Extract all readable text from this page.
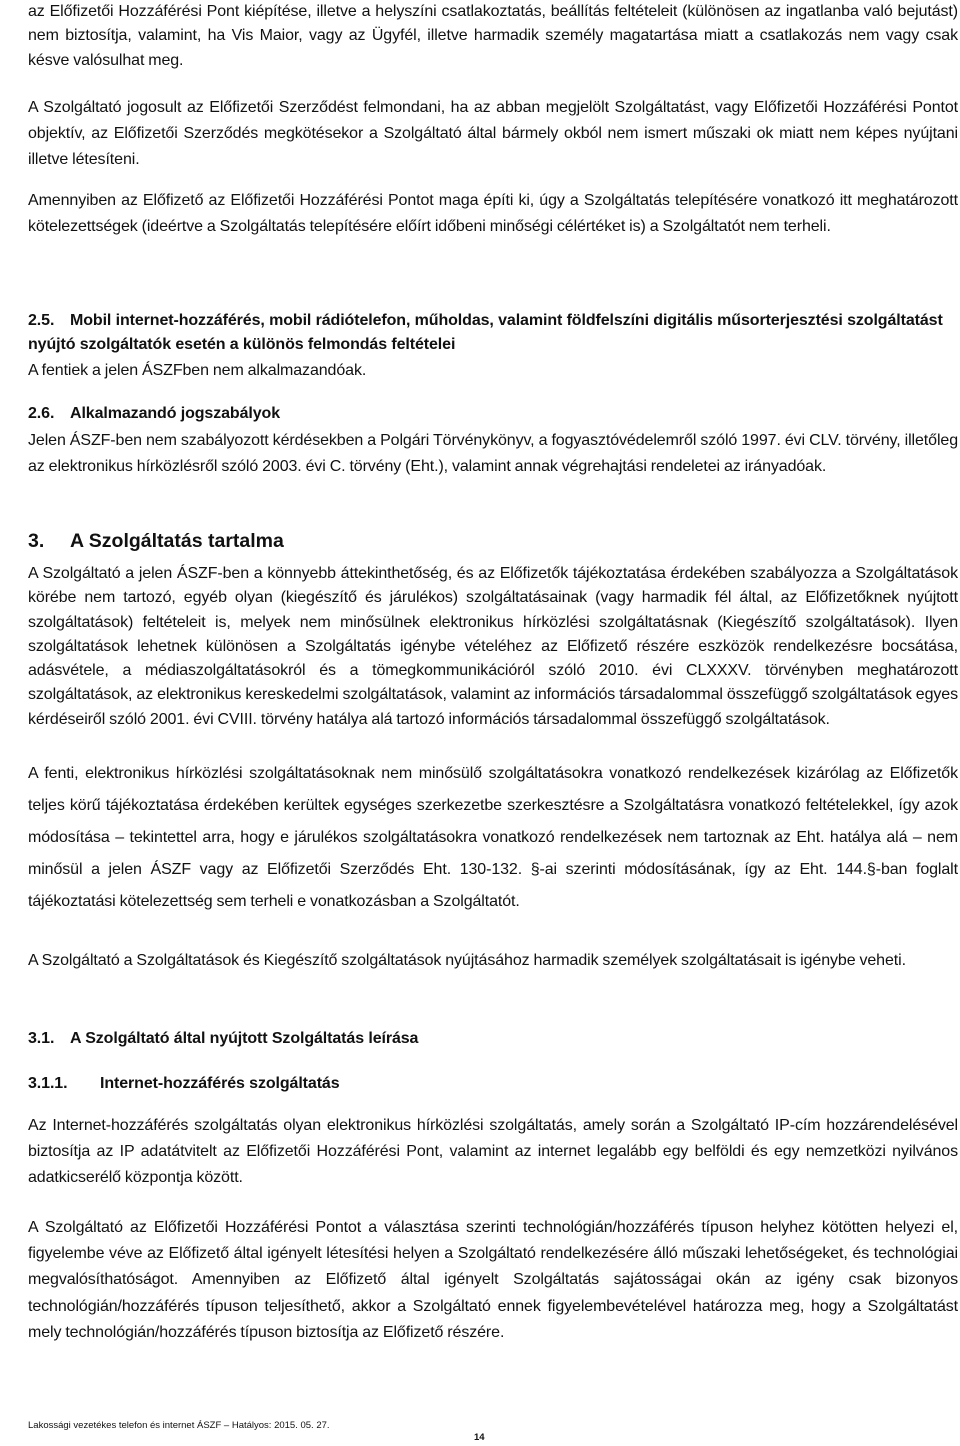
az Előfizetői Hozzáférési Pont kiépítése, illetve a helyszíni csatlakoztatás, beállítás feltételeit (különösen az ingatlanba való bejutást) nem biztosítja, valamint, ha Vis Maior, vagy az Ügyfél, illetve harmadik személy magatartása miatt a csatlakozás nem vagy csak késve valósulhat meg.

A Szolgáltató jogosult az Előfizetői Szerződést felmondani, ha az abban megjelölt Szolgáltatást, vagy Előfizetői Hozzáférési Pontot objektív, az Előfizetői Szerződés megkötésekor a Szolgáltató által bármely okból nem ismert műszaki ok miatt nem képes nyújtani illetve létesíteni.

Amennyiben az Előfizető az Előfizetői Hozzáférési Pontot maga építi ki, úgy a Szolgáltatás telepítésére vonatkozó itt meghatározott kötelezettségek (ideértve a Szolgáltatás telepítésére előírt időbeni minőségi célértéket is) a Szolgáltatót nem terheli.

2.5. Mobil internet-hozzáférés, mobil rádiótelefon, műholdas, valamint földfelszíni digitális műsorterjesztési szolgáltatást nyújtó szolgáltatók esetén a különös felmondás feltételei

A fentiek a jelen ÁSZFben nem alkalmazandóak.

2.6. Alkalmazandó jogszabályok

Jelen ÁSZF-ben nem szabályozott kérdésekben a Polgári Törvénykönyv, a fogyasztóvédelemről szóló 1997. évi CLV. törvény, illetőleg az elektronikus hírközlésről szóló 2003. évi C. törvény (Eht.), valamint annak végrehajtási rendeletei az irányadóak.

3. A Szolgáltatás tartalma

A Szolgáltató a jelen ÁSZF-ben a könnyebb áttekinthetőség, és az Előfizetők tájékoztatása érdekében szabályozza a Szolgáltatások körébe nem tartozó, egyéb olyan (kiegészítő és járulékos) szolgáltatásainak (vagy harmadik fél által, az Előfizetőknek nyújtott szolgáltatások) feltételeit is, melyek nem minősülnek elektronikus hírközlési szolgáltatásnak (Kiegészítő szolgáltatások). Ilyen szolgáltatások lehetnek különösen a Szolgáltatás igénybe vételéhez az Előfizető részére eszközök rendelkezésre bocsátása, adásvétele, a médiaszolgáltatásokról és a tömegkommunikációról szóló 2010. évi CLXXXV. törvényben meghatározott szolgáltatások, az elektronikus kereskedelmi szolgáltatások, valamint az információs társadalommal összefüggő szolgáltatások egyes kérdéseiről szóló 2001. évi CVIII. törvény hatálya alá tartozó információs társadalommal összefüggő szolgáltatások.

A fenti, elektronikus hírközlési szolgáltatásoknak nem minősülő szolgáltatásokra vonatkozó rendelkezések kizárólag az Előfizetők teljes körű tájékoztatása érdekében kerültek egységes szerkezetbe szerkesztésre a Szolgáltatásra vonatkozó feltételekkel, így azok módosítása – tekintettel arra, hogy e járulékos szolgáltatásokra vonatkozó rendelkezések nem tartoznak az Eht. hatálya alá – nem minősül a jelen ÁSZF vagy az Előfizetői Szerződés Eht. 130-132. §-ai szerinti módosításának, így az Eht. 144.§-ban foglalt tájékoztatási kötelezettség sem terheli e vonatkozásban a Szolgáltatót.

A Szolgáltató a Szolgáltatások és Kiegészítő szolgáltatások nyújtásához harmadik személyek szolgáltatásait is igénybe veheti.

3.1. A Szolgáltató által nyújtott Szolgáltatás leírása
3.1.1. Internet-hozzáférés szolgáltatás

Az Internet-hozzáférés szolgáltatás olyan elektronikus hírközlési szolgáltatás, amely során a Szolgáltató IP-cím hozzárendelésével biztosítja az IP adatátvitelt az Előfizetői Hozzáférési Pont, valamint az internet legalább egy belföldi és egy nemzetközi nyilvános adatkicserélő központja között.

A Szolgáltató az Előfizetői Hozzáférési Pontot a választása szerinti technológián/hozzáférés típuson helyhez kötötten helyezi el, figyelembe véve az Előfizető által igényelt létesítési helyen a Szolgáltató rendelkezésére álló műszaki lehetőségeket, és technológiai megvalósíthatóságot. Amennyiben az Előfizető által igényelt Szolgáltatás sajátosságai okán az igény csak bizonyos technológián/hozzáférés típuson teljesíthető, akkor a Szolgáltató ennek figyelembevételével határozza meg, hogy a Szolgáltatást mely technológián/hozzáférés típuson biztosítja az Előfizető részére.

Lakossági vezetékes telefon és internet ÁSZF – Hatályos: 2015. 05. 27.
14
